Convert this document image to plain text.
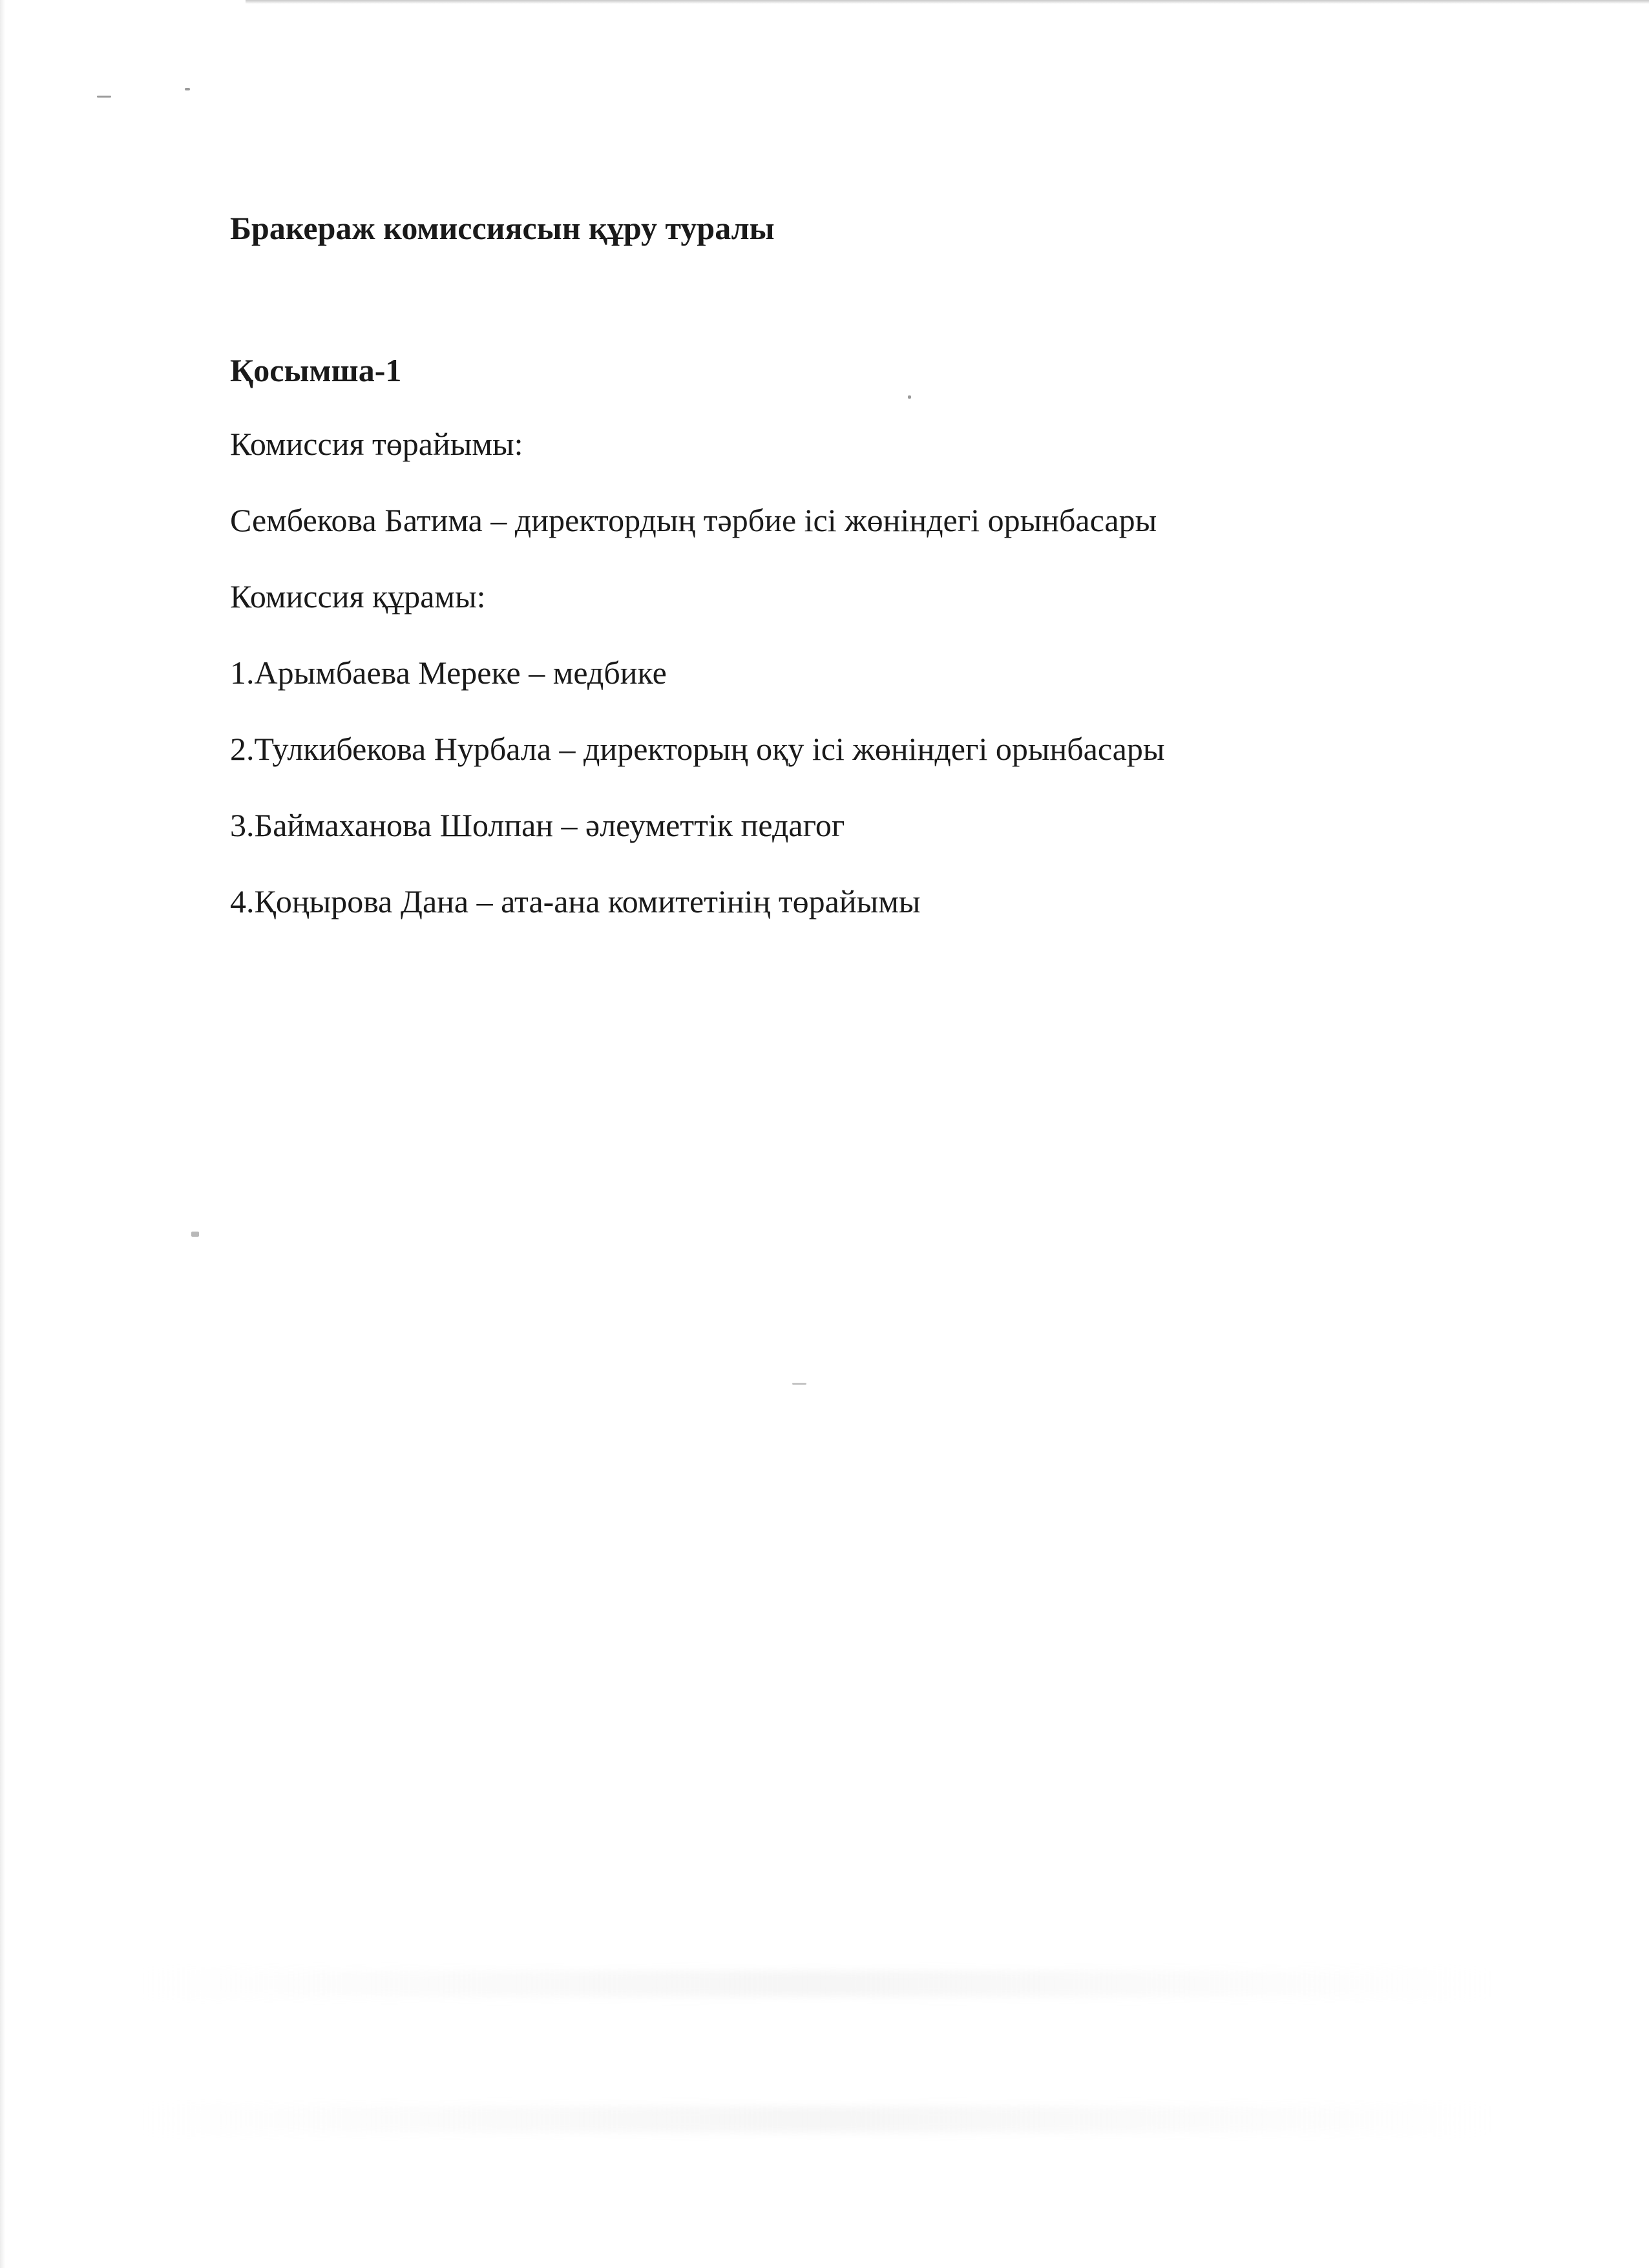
Бракераж комиссиясын құру туралы

Қосымша-1

Комиссия төрайымы:

Сембекова Батима – директордың тәрбие ісі жөніндегі орынбасары

Комиссия құрамы:

1.Арымбаева Мереке – медбике
2.Тулкибекова Нурбала – директорың оқу ісі жөніндегі орынбасары
3.Баймаханова Шолпан – әлеуметтік педагог
4.Қоңырова Дана – ата-ана комитетінің төрайымы
